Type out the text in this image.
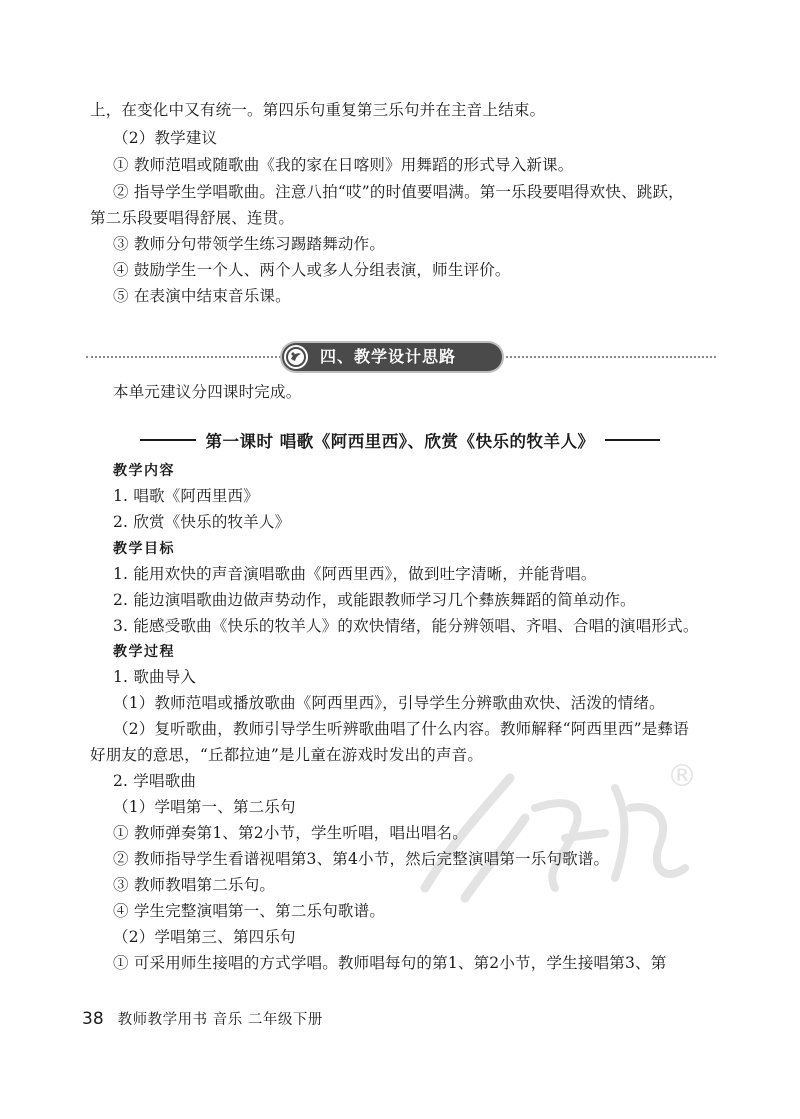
上，在变化中又有统一。第四乐句重复第三乐句并在主音上结束。
（2）教学建议
① 教师范唱或随歌曲《我的家在日喀则》用舞蹈的形式导入新课。
② 指导学生学唱歌曲。注意八拍“哎”的时值要唱满。第一乐段要唱得欢快、跳跃，
第二乐段要唱得舒展、连贯。
③ 教师分句带领学生练习踢踏舞动作。
④ 鼓励学生一个人、两个人或多人分组表演，师生评价。
⑤ 在表演中结束音乐课。
四、教学设计思路
本单元建议分四课时完成。
第一课时 唱歌《阿西里西》、欣赏《快乐的牧羊人》
教学内容
1. 唱歌《阿西里西》
2. 欣赏《快乐的牧羊人》
教学目标
1. 能用欢快的声音演唱歌曲《阿西里西》，做到吐字清晰，并能背唱。
2. 能边演唱歌曲边做声势动作，或能跟教师学习几个彝族舞蹈的简单动作。
3. 能感受歌曲《快乐的牧羊人》的欢快情绪，能分辨领唱、齐唱、合唱的演唱形式。
教学过程
1. 歌曲导入
（1）教师范唱或播放歌曲《阿西里西》，引导学生分辨歌曲欢快、活泼的情绪。
（2）复听歌曲，教师引导学生听辨歌曲唱了什么内容。教师解释“阿西里西”是彝语
好朋友的意思，“丘都拉迪”是儿童在游戏时发出的声音。
2. 学唱歌曲
（1）学唱第一、第二乐句
① 教师弹奏第1、第2小节，学生听唱，唱出唱名。
② 教师指导学生看谱视唱第3、第4小节，然后完整演唱第一乐句歌谱。
③ 教师教唱第二乐句。
④ 学生完整演唱第一、第二乐句歌谱。
（2）学唱第三、第四乐句
① 可采用师生接唱的方式学唱。教师唱每句的第1、第2小节，学生接唱第3、第
®
38 教师教学用书 音乐 二年级下册
